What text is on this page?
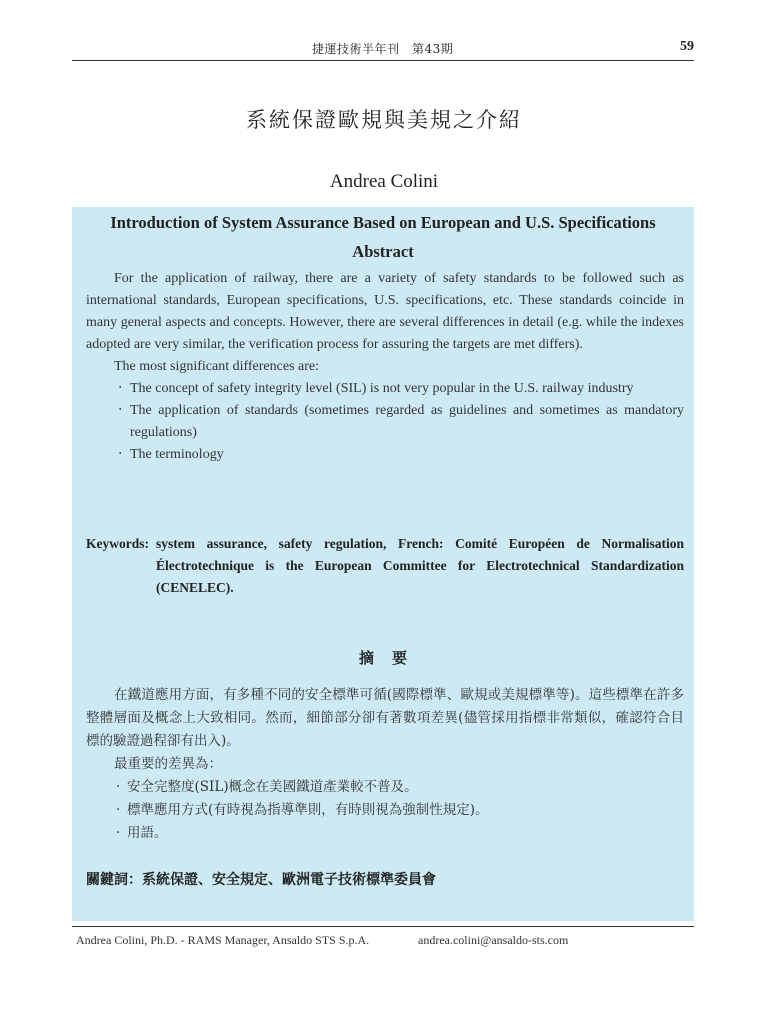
捷運技術半年刊　第43期	59
系統保證歐規與美規之介紹
Andrea Colini
Introduction of System Assurance Based on European and U.S. Specifications
Abstract

For the application of railway, there are a variety of safety standards to be followed such as international standards, European specifications, U.S. specifications, etc. These standards coincide in many general aspects and concepts. However, there are several differences in detail (e.g. while the indexes adopted are very similar, the verification process for assuring the targets are met differs).

The most significant differences are:

‧ The concept of safety integrity level (SIL) is not very popular in the U.S. railway industry
‧ The application of standards (sometimes regarded as guidelines and sometimes as mandatory regulations)
‧ The terminology
Keywords: system assurance, safety regulation, French: Comité Européen de Normalisation Électrotechnique is the European Committee for Electrotechnical Standardization (CENELEC).
摘要

在鐵道應用方面，有多種不同的安全標準可循(國際標準、歐規或美規標準等)。這些標準在許多整體層面及概念上大致相同。然而，細節部分卻有著數項差異(儘管採用指標非常類似，確認符合目標的驗證過程卻有出入)。

最重要的差異為：

‧ 安全完整度(SIL)概念在美國鐵道產業較不普及。
‧ 標準應用方式(有時視為指導準則，有時則視為強制性規定)。
‧ 用語。
關鍵詞：系統保證、安全規定、歐洲電子技術標準委員會
Andrea Colini, Ph.D. - RAMS Manager, Ansaldo STS S.p.A.	andrea.colini@ansaldo-sts.com
